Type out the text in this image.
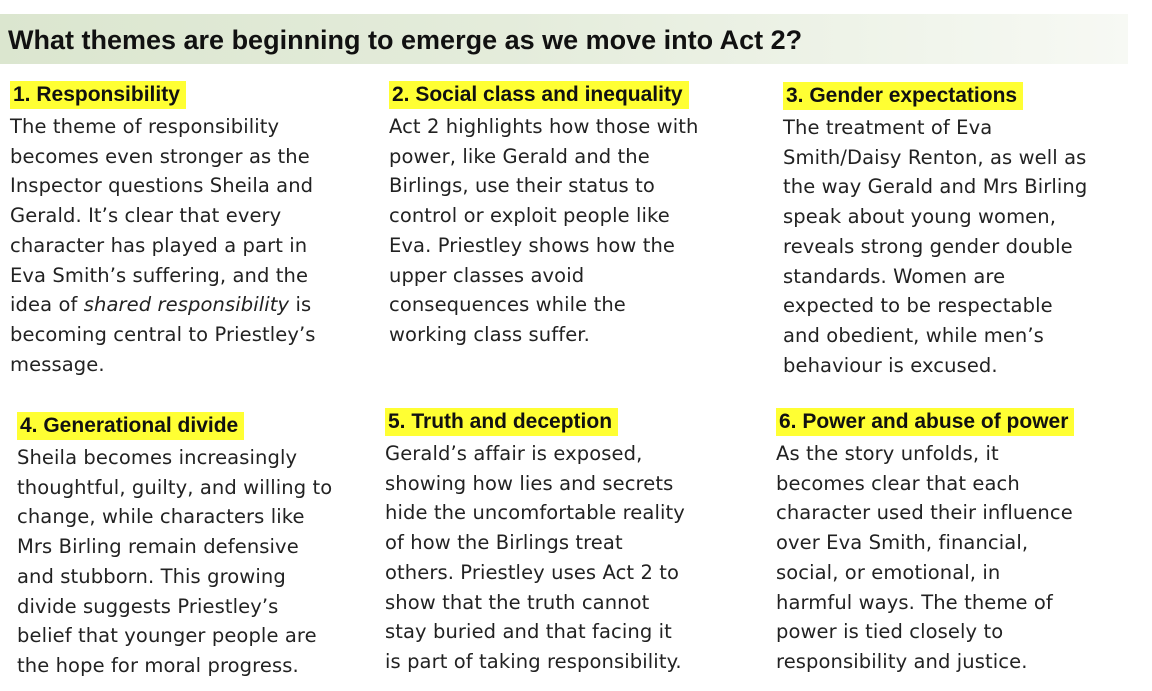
What themes are beginning to emerge as we move into Act 2?
1. Responsibility
The theme of responsibility
becomes even stronger as the
Inspector questions Sheila and
Gerald. It’s clear that every
character has played a part in
Eva Smith’s suffering, and the
idea of shared responsibility is
becoming central to Priestley’s
message.
2. Social class and inequality
Act 2 highlights how those with
power, like Gerald and the
Birlings, use their status to
control or exploit people like
Eva. Priestley shows how the
upper classes avoid
consequences while the
working class suffer.
3. Gender expectations
The treatment of Eva
Smith/Daisy Renton, as well as
the way Gerald and Mrs Birling
speak about young women,
reveals strong gender double
standards. Women are
expected to be respectable
and obedient, while men’s
behaviour is excused.
4. Generational divide
Sheila becomes increasingly
thoughtful, guilty, and willing to
change, while characters like
Mrs Birling remain defensive
and stubborn. This growing
divide suggests Priestley’s
belief that younger people are
the hope for moral progress.
5. Truth and deception
Gerald’s affair is exposed,
showing how lies and secrets
hide the uncomfortable reality
of how the Birlings treat
others. Priestley uses Act 2 to
show that the truth cannot
stay buried and that facing it
is part of taking responsibility.
6. Power and abuse of power
As the story unfolds, it
becomes clear that each
character used their influence
over Eva Smith, financial,
social, or emotional, in
harmful ways. The theme of
power is tied closely to
responsibility and justice.
